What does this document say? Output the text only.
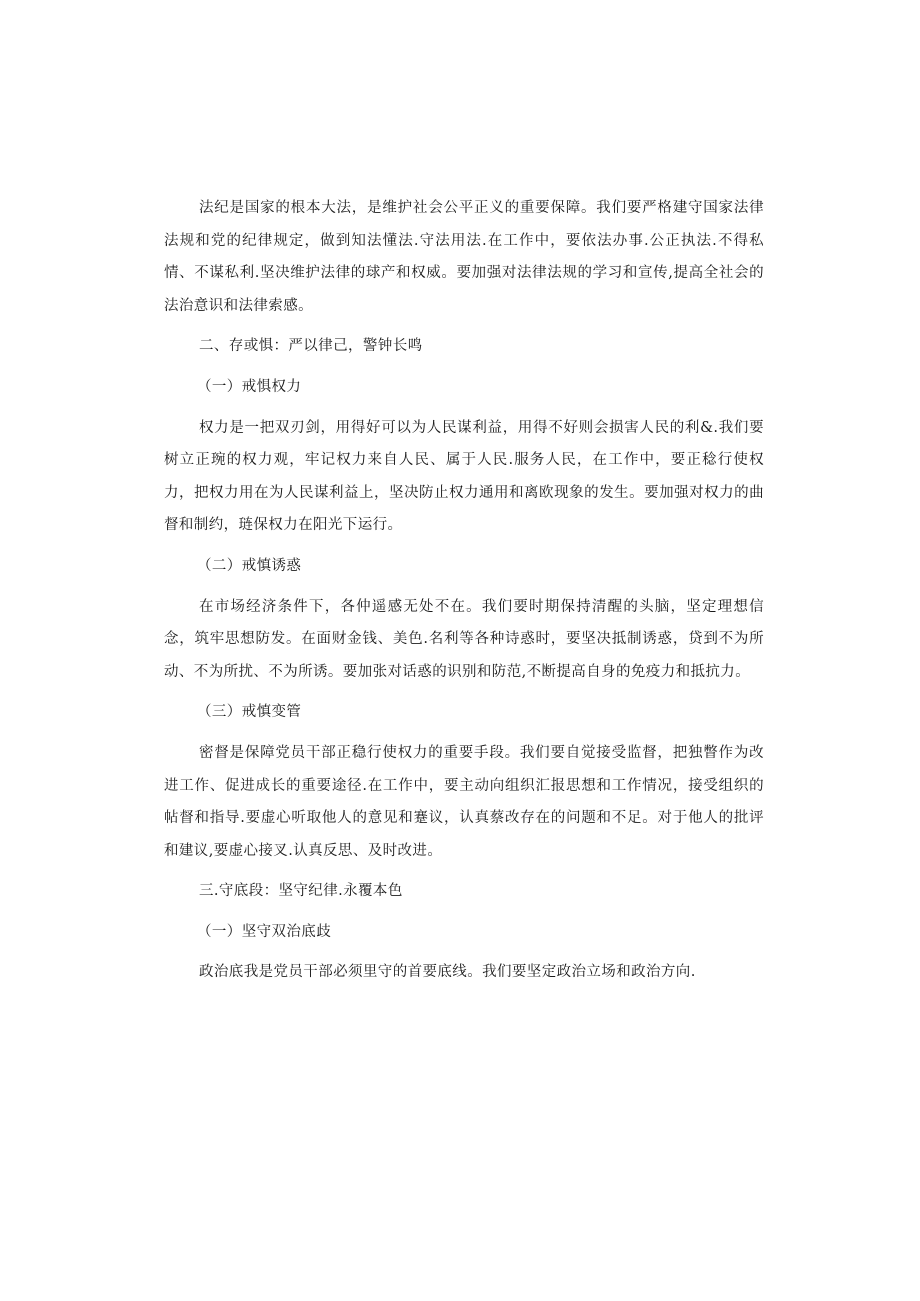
法纪是国家的根本大法，是维护社会公平正义的重要保障。我们要严格建守国家法律法规和党的纪律规定，做到知法懂法.守法用法.在工作中，要依法办事.公正执法.不得私情、不谋私利.坚决维护法律的球产和权威。要加强对法律法规的学习和宣传,提高全社会的法治意识和法律索感。

二、存或惧：严以律己，警钟长鸣

（一）戒惧权力

权力是一把双刃剑，用得好可以为人民谋利益，用得不好则会损害人民的利&.我们要树立正琬的权力观，牢记权力来自人民、属于人民.服务人民，在工作中，要正稔行使权力，把权力用在为人民谋利益上，坚决防止权力通用和离欧现象的发生。要加强对权力的曲督和制约，琏保权力在阳光下运行。

（二）戒慎诱惑

在市场经济条件下，各仲遥感无处不在。我们要时期保持清醒的头脑，坚定理想信念，筑牢思想防发。在面财金钱、美色.名利等各种诗惑时，要坚决抵制诱惑，贷到不为所动、不为所扰、不为所诱。要加张对话惑的识别和防范,不断提高自身的免疫力和抵抗力。

（三）戒慎变管

密督是保障党员干部正稳行使权力的重要手段。我们要自觉接受监督，把独瞥作为改进工作、促进成长的重要途径.在工作中，要主动向组织汇报思想和工作情况，接受组织的帖督和指导.要虚心听取他人的意见和蹇议，认真蔡改存在的问题和不足。对于他人的批评和建议,要虚心接叉.认真反思、及时改进。

三.守底段：坚守纪律.永覆本色

（一）坚守双治底歧

政治底我是党员干部必须里守的首要底线。我们要坚定政治立场和政治方向.
